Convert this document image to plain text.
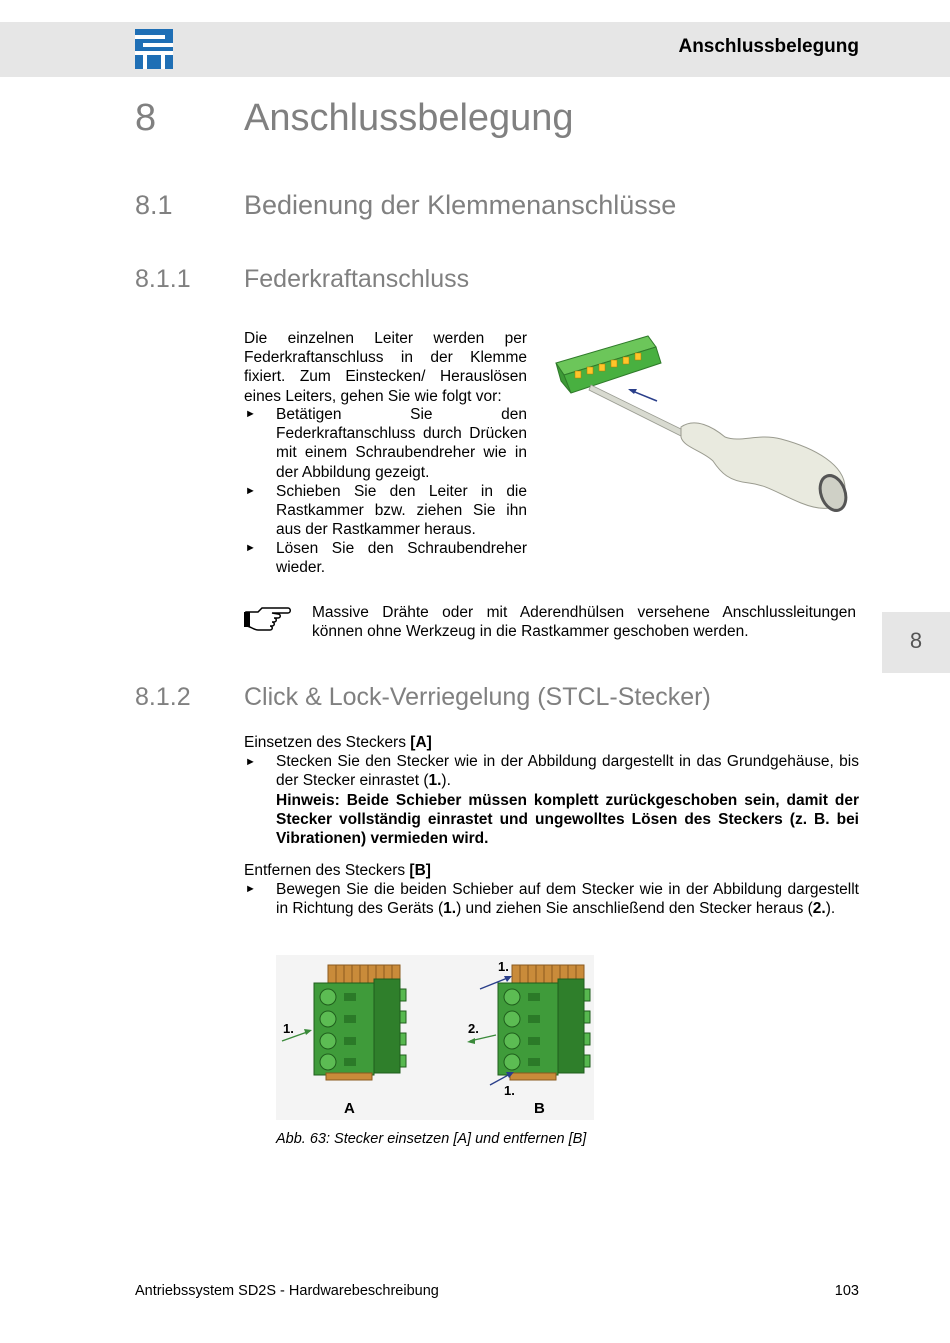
Anschlussbelegung
8 Anschlussbelegung
8.1	Bedienung der Klemmenanschlüsse
8.1.1 Federkraftanschluss
Die einzelnen Leiter werden per Federkraftanschluss in der Klemme fixiert. Zum Einstecken/ Herauslösen eines Leiters, gehen Sie wie folgt vor:
► Betätigen Sie den Federkraftanschluss durch Drücken mit einem Schraubendreher wie in der Abbildung gezeigt.
► Schieben Sie den Leiter in die Rastkammer bzw. ziehen Sie ihn aus der Rastkammer heraus.
► Lösen Sie den Schraubendreher wieder.
Massive Drähte oder mit Aderendhülsen versehene Anschlussleitungen können ohne Werkzeug in die Rastkammer geschoben werden.	8
8.1.2 Click & Lock-Verriegelung (STCL-Stecker)
Einsetzen des Steckers [A]
► Stecken Sie den Stecker wie in der Abbildung dargestellt in das Grundgehäuse, bis der Stecker einrastet (1.).
Hinweis: Beide Schieber müssen komplett zurückgeschoben sein, damit der Stecker vollständig einrastet und ungewolltes Lösen des Steckers (z. B. bei Vibrationen) vermieden wird.
Entfernen des Steckers [B]
► Bewegen Sie die beiden Schieber auf dem Stecker wie in der Abbildung dargestellt in Richtung des Geräts (1.) und ziehen Sie anschließend den Stecker heraus (2.).
1.
A
1.
2.
1.
B
Abb. 63: Stecker einsetzen [A] und entfernen [B]
Antriebssystem SD2S - Hardwarebeschreibung	103
